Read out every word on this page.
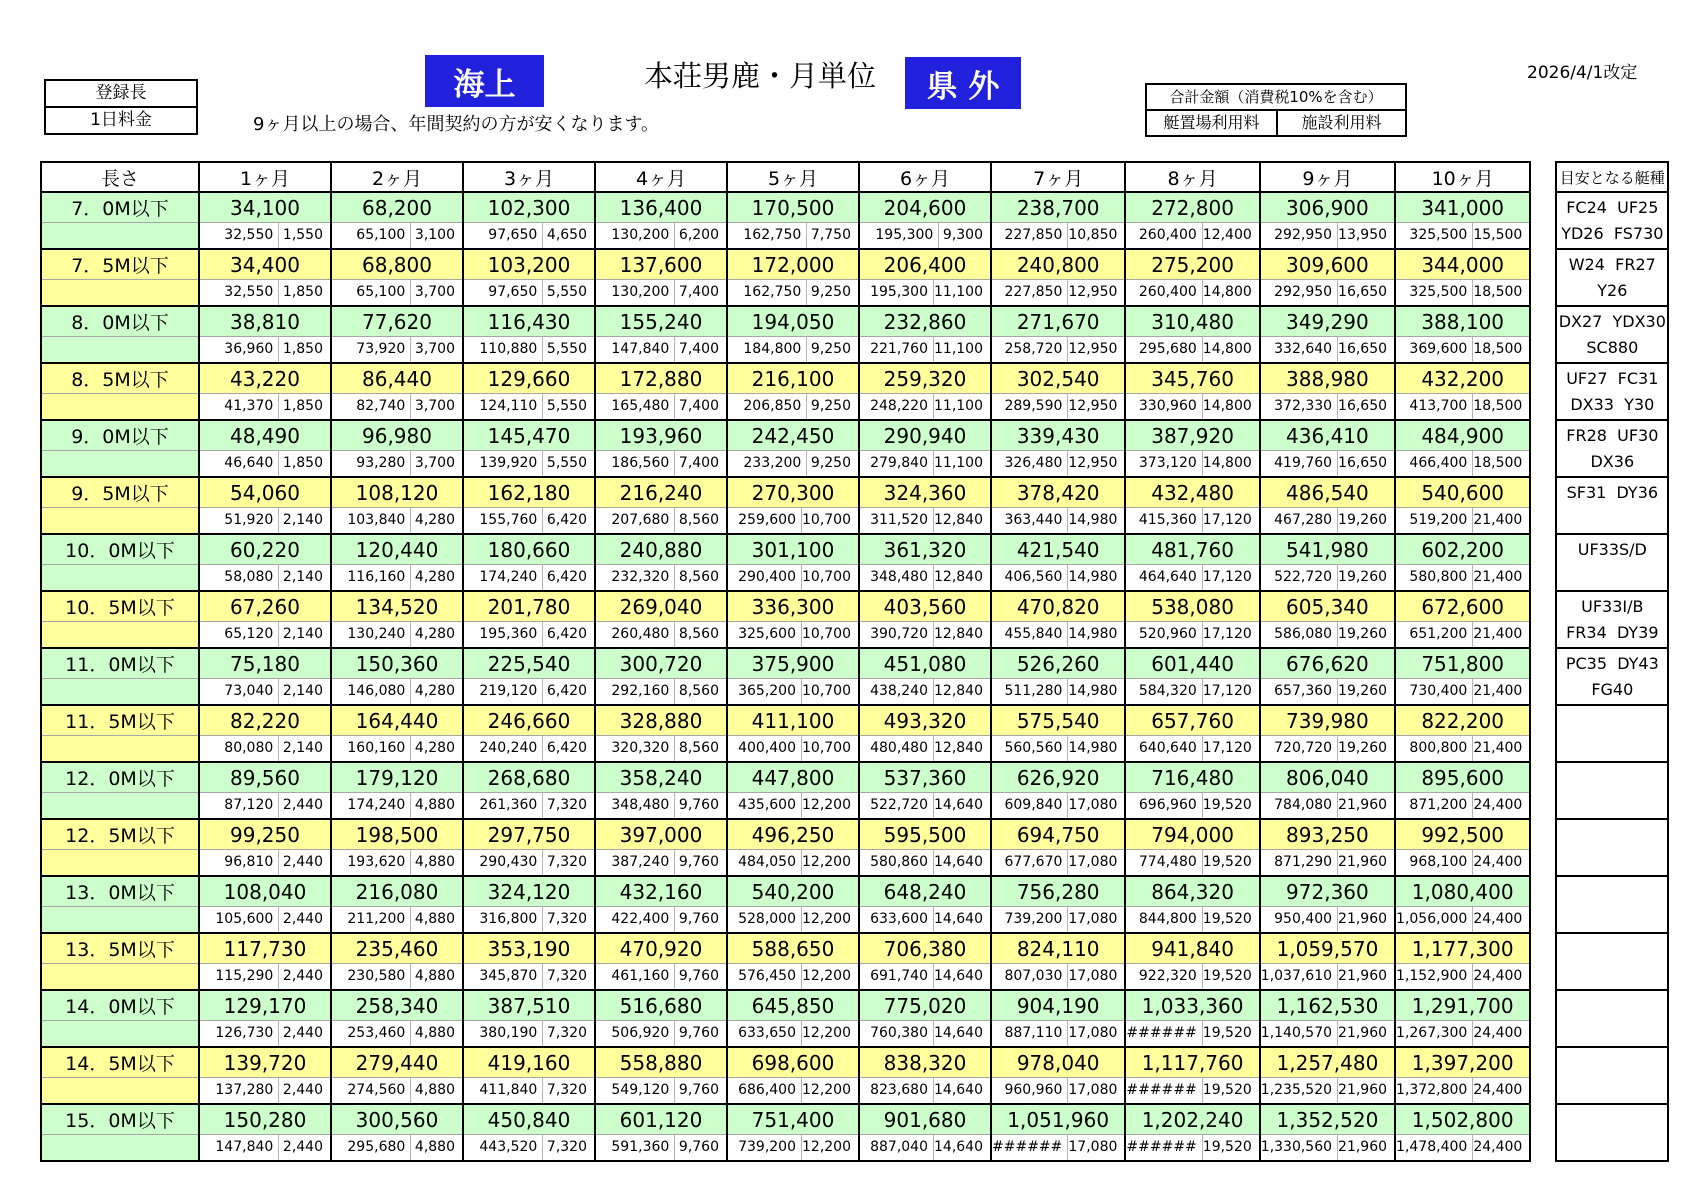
登録長
1日料金
海上	本荘男鹿・月単位	県 外
9ヶ月以上の場合、年間契約の方が安くなります。
2026/4/1改定
合計金額（消費税10%を含む）
艇置場利用料	施設利用料
長さ	1ヶ月	2ヶ月	3ヶ月	4ヶ月	5ヶ月	6ヶ月	7ヶ月	8ヶ月	9ヶ月	10ヶ月		目安となる艇種
7．0M以下	34,100	68,200	102,300	136,400	170,500	204,600	238,700	272,800	306,900	341,000		FC24  UF25
YD26  FS730

	32,550 1,550	65,100 3,100	97,650 4,650	130,200 6,200	162,750 7,750	195,300 9,300	227,850 10,850	260,400 12,400	292,950 13,950	325,500 15,500		

7．5M以下	34,400	68,800	103,200	137,600	172,000	206,400	240,800	275,200	309,600	344,000		W24  FR27
Y26

	32,550 1,850	65,100 3,700	97,650 5,550	130,200 7,400	162,750 9,250	195,300 11,100	227,850 12,950	260,400 14,800	292,950 16,650	325,500 18,500		

8．0M以下	38,810	77,620	116,430	155,240	194,050	232,860	271,670	310,480	349,290	388,100		DX27  YDX30
SC880

	36,960 1,850	73,920 3,700	110,880 5,550	147,840 7,400	184,800 9,250	221,760 11,100	258,720 12,950	295,680 14,800	332,640 16,650	369,600 18,500		

8．5M以下	43,220	86,440	129,660	172,880	216,100	259,320	302,540	345,760	388,980	432,200		UF27  FC31
DX33  Y30

	41,370 1,850	82,740 3,700	124,110 5,550	165,480 7,400	206,850 9,250	248,220 11,100	289,590 12,950	330,960 14,800	372,330 16,650	413,700 18,500		

9．0M以下	48,490	96,980	145,470	193,960	242,450	290,940	339,430	387,920	436,410	484,900		FR28  UF30
DX36

	46,640 1,850	93,280 3,700	139,920 5,550	186,560 7,400	233,200 9,250	279,840 11,100	326,480 12,950	373,120 14,800	419,760 16,650	466,400 18,500		

9．5M以下	54,060	108,120	162,180	216,240	270,300	324,360	378,420	432,480	486,540	540,600		SF31  DY36

	51,920 2,140	103,840 4,280	155,760 6,420	207,680 8,560	259,600 10,700	311,520 12,840	363,440 14,980	415,360 17,120	467,280 19,260	519,200 21,400		

10．0M以下	60,220	120,440	180,660	240,880	301,100	361,320	421,540	481,760	541,980	602,200		UF33S/D

	58,080 2,140	116,160 4,280	174,240 6,420	232,320 8,560	290,400 10,700	348,480 12,840	406,560 14,980	464,640 17,120	522,720 19,260	580,800 21,400		

10．5M以下	67,260	134,520	201,780	269,040	336,300	403,560	470,820	538,080	605,340	672,600		UF33I/B
FR34  DY39

	65,120 2,140	130,240 4,280	195,360 6,420	260,480 8,560	325,600 10,700	390,720 12,840	455,840 14,980	520,960 17,120	586,080 19,260	651,200 21,400		

11．0M以下	75,180	150,360	225,540	300,720	375,900	451,080	526,260	601,440	676,620	751,800		PC35  DY43
FG40

	73,040 2,140	146,080 4,280	219,120 6,420	292,160 8,560	365,200 10,700	438,240 12,840	511,280 14,980	584,320 17,120	657,360 19,260	730,400 21,400		

11．5M以下	82,220	164,440	246,660	328,880	411,100	493,320	575,540	657,760	739,980	822,200		

	80,080 2,140	160,160 4,280	240,240 6,420	320,320 8,560	400,400 10,700	480,480 12,840	560,560 14,980	640,640 17,120	720,720 19,260	800,800 21,400		

12．0M以下	89,560	179,120	268,680	358,240	447,800	537,360	626,920	716,480	806,040	895,600		

	87,120 2,440	174,240 4,880	261,360 7,320	348,480 9,760	435,600 12,200	522,720 14,640	609,840 17,080	696,960 19,520	784,080 21,960	871,200 24,400		

12．5M以下	99,250	198,500	297,750	397,000	496,250	595,500	694,750	794,000	893,250	992,500		

	96,810 2,440	193,620 4,880	290,430 7,320	387,240 9,760	484,050 12,200	580,860 14,640	677,670 17,080	774,480 19,520	871,290 21,960	968,100 24,400		

13．0M以下	108,040	216,080	324,120	432,160	540,200	648,240	756,280	864,320	972,360	1,080,400		

	105,600 2,440	211,200 4,880	316,800 7,320	422,400 9,760	528,000 12,200	633,600 14,640	739,200 17,080	844,800 19,520	950,400 21,960	1,056,000 24,400		

13．5M以下	117,730	235,460	353,190	470,920	588,650	706,380	824,110	941,840	1,059,570	1,177,300		

	115,290 2,440	230,580 4,880	345,870 7,320	461,160 9,760	576,450 12,200	691,740 14,640	807,030 17,080	922,320 19,520	1,037,610 21,960	1,152,900 24,400		

14．0M以下	129,170	258,340	387,510	516,680	645,850	775,020	904,190	1,033,360	1,162,530	1,291,700		

	126,730 2,440	253,460 4,880	380,190 7,320	506,920 9,760	633,650 12,200	760,380 14,640	887,110 17,080	###### 19,520	1,140,570 21,960	1,267,300 24,400		

14．5M以下	139,720	279,440	419,160	558,880	698,600	838,320	978,040	1,117,760	1,257,480	1,397,200		

	137,280 2,440	274,560 4,880	411,840 7,320	549,120 9,760	686,400 12,200	823,680 14,640	960,960 17,080	###### 19,520	1,235,520 21,960	1,372,800 24,400		

15．0M以下	150,280	300,560	450,840	601,120	751,400	901,680	1,051,960	1,202,240	1,352,520	1,502,800		

	147,840 2,440	295,680 4,880	443,520 7,320	591,360 9,760	739,200 12,200	887,040 14,640	###### 17,080	###### 19,520	1,330,560 21,960	1,478,400 24,400		
